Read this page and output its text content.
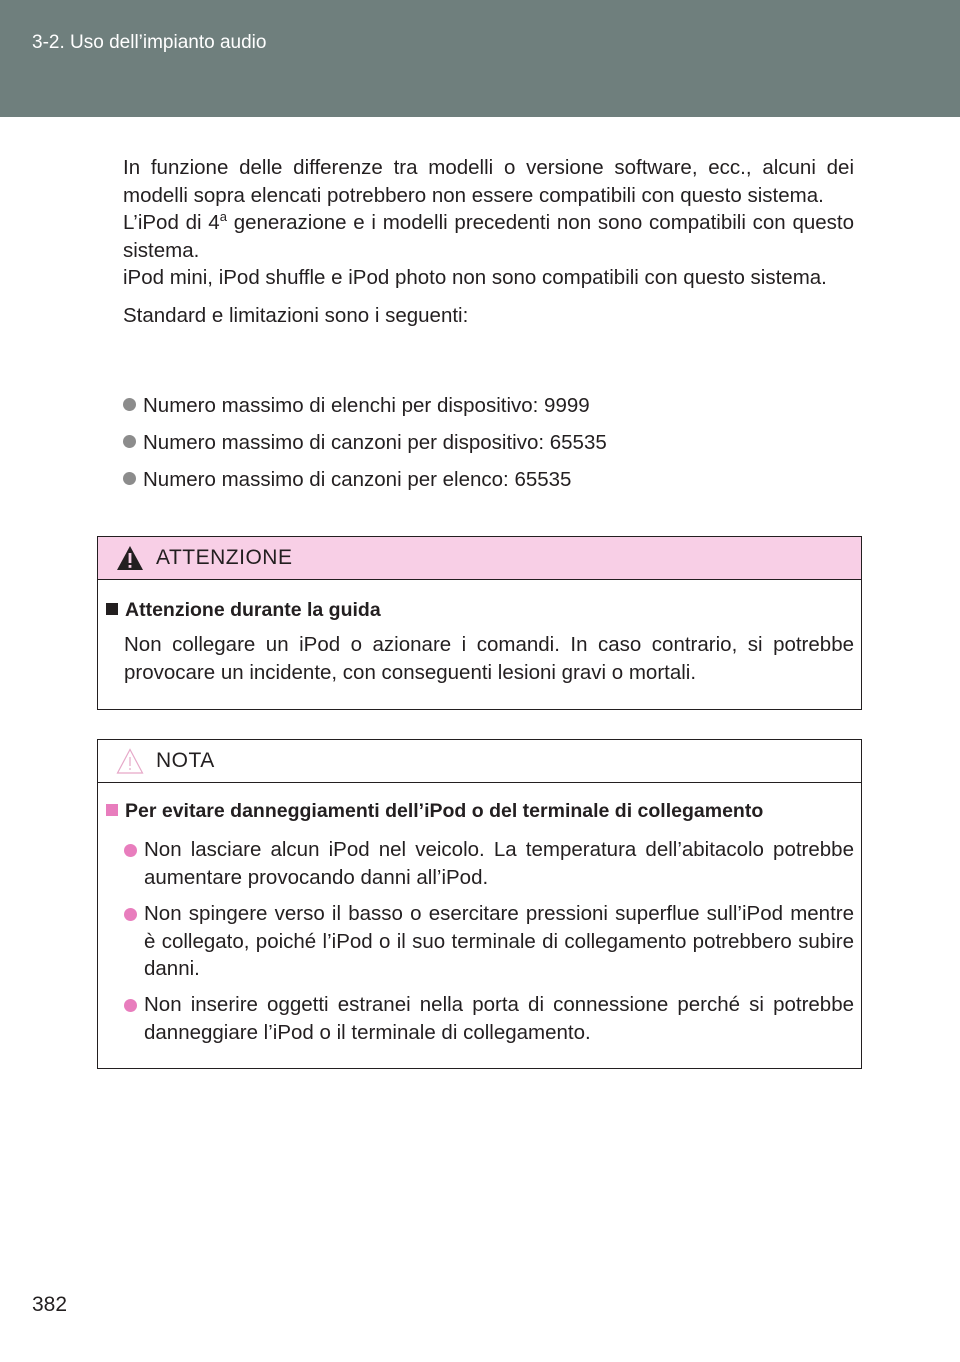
3-2. Uso dell’impianto audio

In funzione delle differenze tra modelli o versione software, ecc., alcuni dei modelli sopra elencati potrebbero non essere compatibili con questo sistema.

L’iPod di 4$^a$ generazione e i modelli precedenti non sono compatibili con questo sistema.

iPod mini, iPod shuffle e iPod photo non sono compatibili con questo sistema.

Standard e limitazioni sono i seguenti:

Numero massimo di elenchi per dispositivo: 9999
Numero massimo di canzoni per dispositivo: 65535
Numero massimo di canzoni per elenco: 65535
ATTENZIONE
Attenzione durante la guida

Non collegare un iPod o azionare i comandi. In caso contrario, si potrebbe provocare un incidente, con conseguenti lesioni gravi o mortali.

NOTA
Per evitare danneggiamenti dell’iPod o del terminale di collegamento

Non lasciare alcun iPod nel veicolo. La temperatura dell’abitacolo potrebbe aumentare provocando danni all’iPod.

Non spingere verso il basso o esercitare pressioni superflue sull’iPod mentre è collegato, poiché l’iPod o il suo terminale di collegamento potrebbero subire danni.

Non inserire oggetti estranei nella porta di connessione perché si potrebbe danneggiare l’iPod o il terminale di collegamento.

382
